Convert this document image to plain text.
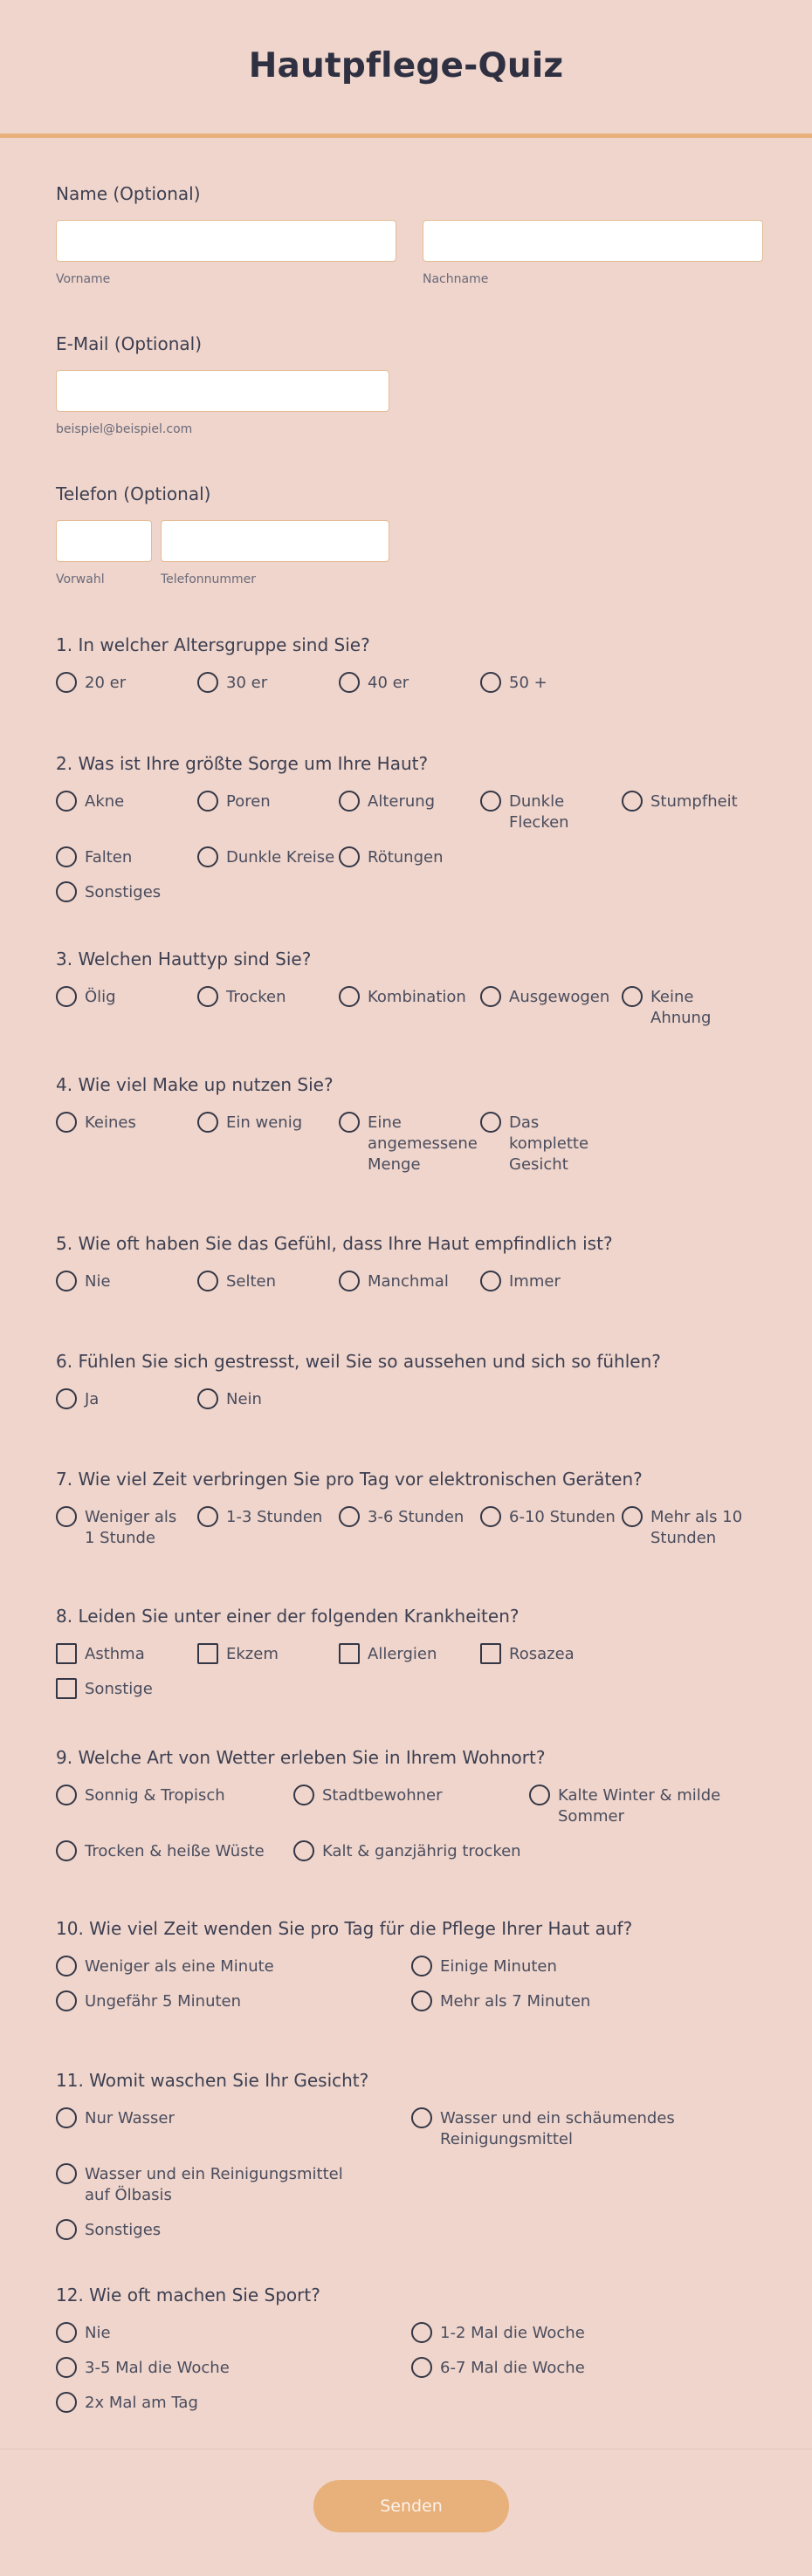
Hautpflege-Quiz
Name (Optional)
Vorname	Nachname
E-Mail (Optional)
beispiel@beispiel.com
Telefon (Optional)
Vorwahl	Telefonnummer
1. In welcher Altersgruppe sind Sie?
20 er	30 er	40 er	50 +
2. Was ist Ihre größte Sorge um Ihre Haut?
Akne	Poren	Alterung	Dunkle Flecken
Stumpfheit
Falten	Dunkle Kreise Rötungen
Sonstiges
3. Welchen Hauttyp sind Sie?
Ölig	Trocken	Kombination	Ausgewogen	Keine Ahnung
4. Wie viel Make up nutzen Sie?
Keines	Ein wenig	Eine angemessene Menge
Das komplette Gesicht
5. Wie oft haben Sie das Gefühl, dass Ihre Haut empfindlich ist?
Nie	Selten	Manchmal	Immer
6. Fühlen Sie sich gestresst, weil Sie so aussehen und sich so fühlen?
Ja	Nein
7. Wie viel Zeit verbringen Sie pro Tag vor elektronischen Geräten?
Weniger als 1 Stunde
1-3 Stunden	3-6 Stunden	6-10 Stunden Mehr als 10 Stunden
8. Leiden Sie unter einer der folgenden Krankheiten?
Asthma	Ekzem	Allergien	Rosazea
Sonstige
9. Welche Art von Wetter erleben Sie in Ihrem Wohnort?
Sonnig & Tropisch	Stadtbewohner	Kalte Winter & milde Sommer
Trocken & heiße Wüste	Kalt & ganzjährig trocken
10. Wie viel Zeit wenden Sie pro Tag für die Pflege Ihrer Haut auf?
Weniger als eine Minute	Einige Minuten
Ungefähr 5 Minuten	Mehr als 7 Minuten
11. Womit waschen Sie Ihr Gesicht?
Nur Wasser	Wasser und ein schäumendes Reinigungsmittel
Wasser und ein Reinigungsmittel auf Ölbasis
Sonstiges
12. Wie oft machen Sie Sport?
Nie	1-2 Mal die Woche
3-5 Mal die Woche	6-7 Mal die Woche
2x Mal am Tag
Senden
